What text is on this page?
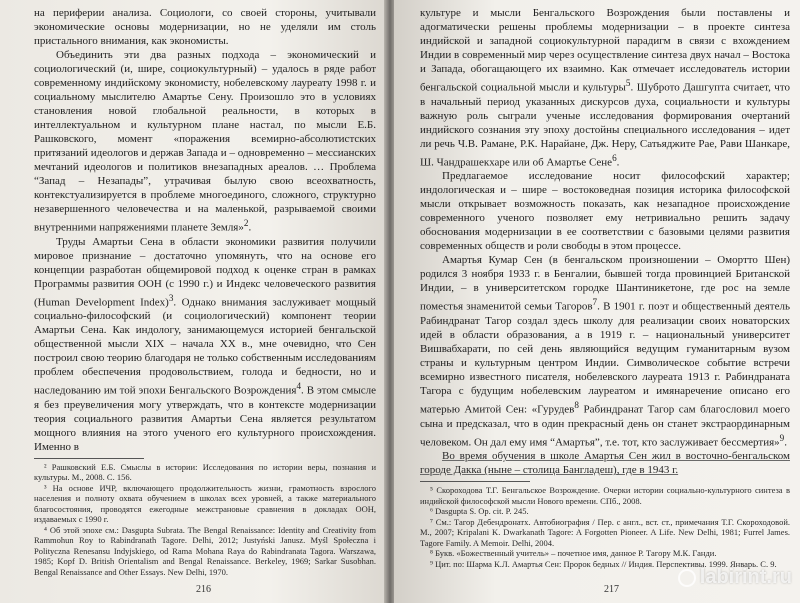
на периферии анализа. Социологи, со своей стороны, учитывали экономические основы модернизации, но не уделяли им столь пристального внимания, как экономисты.

Объединить эти два разных подхода – экономический и социологический (и, шире, социокультурный) – удалось в ряде работ современному индийскому экономисту, нобелевскому лауреату 1998 г. и социальному мыслителю Амартье Сену. Произошло это в условиях становления новой глобальной реальности, в которых в интеллектуальном и культурном плане настал, по мысли Е.Б. Рашковского, момент «поражения всемирно-абсолютистских притязаний идеологов и держав Запада и – одновременно – мессианских мечтаний идеологов и политиков внезападных ареалов. … Проблема “Запад – Незапады”, утрачивая былую свою всеохватность, контекстуализируется в проблеме многоединого, сложного, структурно незавершенного человечества и на маленькой, разрываемой своими внутренними напряжениями планете Земля»$^2$.

Труды Амартьи Сена в области экономики развития получили мировое признание – достаточно упомянуть, что на основе его концепции разработан общемировой подход к оценке стран в рамках Программы развития ООН (с 1990 г.) и Индекс человеческого развития (Human Development Index)$^3$. Однако внимания заслуживает мощный социально-философский (и социологический) компонент теории Амартьи Сена. Как индологу, занимающемуся историей бенгальской общественной мысли XIX – начала XX в., мне очевидно, что Сен построил свою теорию благодаря не только собственным исследованиям проблем обеспечения продовольствием, голода и бедности, но и наследованию им той эпохи Бенгальского Возрождения$^4$. В этом смысле я без преувеличения могу утверждать, что в контексте модернизации теория социального развития Амартьи Сена является результатом мощного влияния на этого ученого его культурного происхождения. Именно в

² Рашковский Е.Б. Смыслы в истории: Исследования по истории веры, познания и культуры. М., 2008. С. 156.

³ На основе ИЧР, включающего продолжительность жизни, грамотность взрослого населения и полноту охвата обучением в школах всех уровней, а также материального благосостояния, проводятся ежегодные межстрановые сравнения в докладах ООН, издаваемых с 1990 г.

⁴ Об этой эпохе см.: Dasgupta Subrata. The Bengal Renaissance: Identity and Creativity from Rammohun Roy to Rabindranath Tagore. Delhi, 2012; Justyński Janusz. Myśl Społeczna i Polityczna Renesansu Indyjskiego, od Rama Mohana Raya do Rabindranata Tagora. Warszawa, 1985; Kopf D. British Orientalism and Bengal Renaissance. Berkeley, 1969; Sarkar Susobhan. Bengal Renaissance and Other Essays. New Delhi, 1970.

216

культуре и мысли Бенгальского Возрождения были поставлены и адогматически решены проблемы модернизации – в проекте синтеза индийской и западной социокультурной парадигм в связи с вхождением Индии в современный мир через осуществление синтеза двух начал – Востока и Запада, обогащающего их взаимно. Как отмечает исследователь истории бенгальской социальной мысли и культуры$^5$. Шуброто Дашгупта считает, что в начальный период указанных дискурсов духа, социальности и культуры важную роль сыграли ученые исследования формирования очертаний индийского сознания эту эпоху достойны специального исследования – идет ли речь Ч.В. Рамане, Р.К. Нарайане, Дж. Неру, Сатьяджите Рае, Рави Шанкаре, Ш. Чандрашекхаре или об Амартье Сене$^6$.

Предлагаемое исследование носит философский характер; индологическая и – шире – востоковедная позиция историка философской мысли открывает возможность показать, как незападное происхождение современного ученого позволяет ему нетривиально решить задачу обоснования модернизации в ее соответствии с базовыми целями развития современных обществ и роли свободы в этом процессе.

Амартья Кумар Сен (в бенгальском произношении – Омортто Шен) родился 3 ноября 1933 г. в Бенгалии, бывшей тогда провинцией Британской Индии, – в университетском городке Шантиникетоне, где рос на земле поместья знаменитой семьи Тагоров$^7$. В 1901 г. поэт и общественный деятель Рабиндранат Тагор создал здесь школу для реализации своих новаторских идей в области образования, а в 1919 г. – национальный университет Вишвабхарати, по сей день являющийся ведущим гуманитарным вузом страны и культурным центром Индии. Символическое событие встречи всемирно известного писателя, нобелевского лауреата 1913 г. Рабиндраната Тагора с будущим нобелевским лауреатом и имянаречение описано его матерью Амитой Сен: «Гурудев$^8$ Рабиндранат Тагор сам благословил моего сына и предсказал, что в один прекрасный день он станет экстраординарным человеком. Он дал ему имя “Амартья”, т.е. тот, кто заслуживает бессмертия»$^9$.

Во время обучения в школе Амартья Сен жил в восточно-бенгальском городе Дакка (ныне – столица Бангладеш), где в 1943 г.

⁵ Скороходова Т.Г. Бенгальское Возрождение. Очерки истории социально-культурного синтеза в индийской философской мысли Нового времени. СПб., 2008.

⁶ Dasgupta S. Op. cit. P. 245.

⁷ См.: Тагор Дебендронатх. Автобиография / Пер. с англ., вст. ст., примечания Т.Г. Скороходовой. М., 2007; Kripalani K. Dwarkanath Tagore: A Forgotten Pioneer. A Life. New Delhi, 1981; Furrel James. Tagore Family. A Memoir. Delhi, 2004.

⁸ Букв. «Божественный учитель» – почетное имя, данное Р. Тагору М.К. Ганди.

⁹ Цит. по: Шарма К.Л. Амартья Сен: Пророк бедных // Индия. Перспективы. 1999. Январь. С. 9.

217
labirint.ru
